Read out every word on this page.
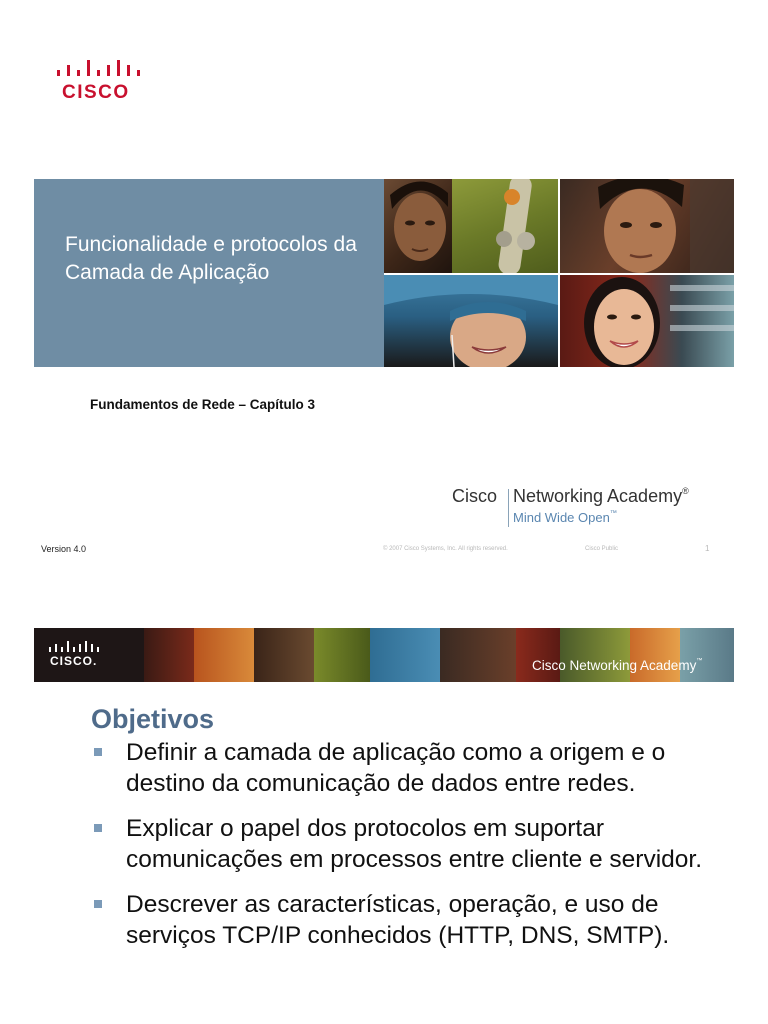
CISCO
Funcionalidade e protocolos da Camada de Aplicação
Fundamentos de Rede – Capítulo 3
Cisco Networking Academy®
Mind Wide Open™
Version 4.0	© 2007 Cisco Systems, Inc. All rights reserved.	Cisco Public	1
CISCO.	Cisco Networking Academy™
Objetivos
Definir a camada de aplicação como a origem e o destino da comunicação de dados entre redes.
Explicar o papel dos protocolos em suportar comunicações em processos entre cliente e servidor.
Descrever as características, operação, e uso de serviços TCP/IP conhecidos (HTTP, DNS, SMTP).
